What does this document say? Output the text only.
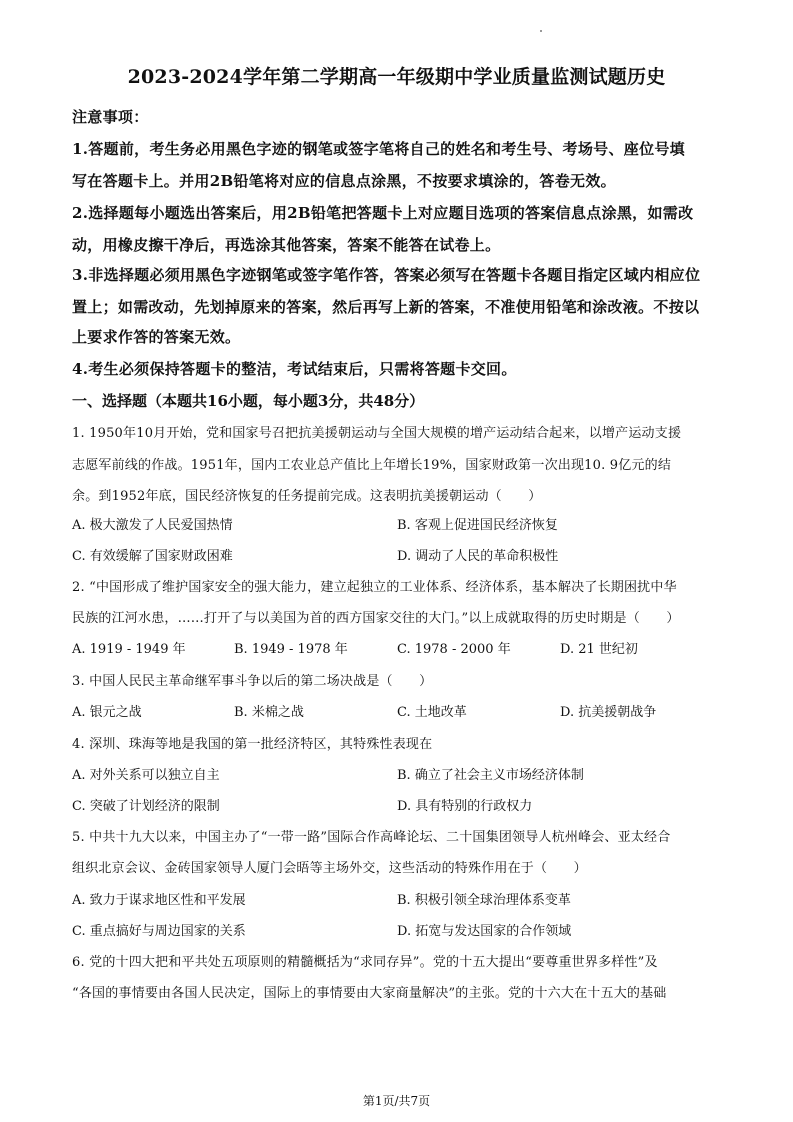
2023-2024学年第二学期高一年级期中学业质量监测试题历史
注意事项：
1.答题前，考生务必用黑色字迹的钢笔或签字笔将自己的姓名和考生号、考场号、座位号填
写在答题卡上。并用2B铅笔将对应的信息点涂黑，不按要求填涂的，答卷无效。
2.选择题每小题选出答案后，用2B铅笔把答题卡上对应题目选项的答案信息点涂黑，如需改
动，用橡皮擦干净后，再选涂其他答案，答案不能答在试卷上。
3.非选择题必须用黑色字迹钢笔或签字笔作答，答案必须写在答题卡各题目指定区域内相应位
置上；如需改动，先划掉原来的答案，然后再写上新的答案，不准使用铅笔和涂改液。不按以
上要求作答的答案无效。
4.考生必须保持答题卡的整洁，考试结束后，只需将答题卡交回。
一、选择题（本题共16小题，每小题3分，共48分）
1. 1950年10月开始，党和国家号召把抗美援朝运动与全国大规模的增产运动结合起来，以增产运动支援
志愿军前线的作战。1951年，国内工农业总产值比上年增长19%，国家财政第一次出现10. 9亿元的结
余。到1952年底，国民经济恢复的任务提前完成。这表明抗美援朝运动（　　）
A. 极大激发了人民爱国热情	B. 客观上促进国民经济恢复
C. 有效缓解了国家财政困难	D. 调动了人民的革命积极性
2. “中国形成了维护国家安全的强大能力，建立起独立的工业体系、经济体系，基本解决了长期困扰中华
民族的江河水患，……打开了与以美国为首的西方国家交往的大门。”以上成就取得的历史时期是（　　）
A. 1919 - 1949 年	B. 1949 - 1978 年	C. 1978 - 2000 年	D. 21 世纪初
3. 中国人民民主革命继军事斗争以后的第二场决战是（　　）
A. 银元之战	B. 米棉之战	C. 土地改革	D. 抗美援朝战争
4. 深圳、珠海等地是我国的第一批经济特区，其特殊性表现在
A. 对外关系可以独立自主	B. 确立了社会主义市场经济体制
C. 突破了计划经济的限制	D. 具有特别的行政权力
5. 中共十九大以来，中国主办了“一带一路”国际合作高峰论坛、二十国集团领导人杭州峰会、亚太经合
组织北京会议、金砖国家领导人厦门会晤等主场外交，这些活动的特殊作用在于（　　）
A. 致力于谋求地区性和平发展	B. 积极引领全球治理体系变革
C. 重点搞好与周边国家的关系	D. 拓宽与发达国家的合作领域
6. 党的十四大把和平共处五项原则的精髓概括为“求同存异”。党的十五大提出“要尊重世界多样性”及
“各国的事情要由各国人民决定，国际上的事情要由大家商量解决”的主张。党的十六大在十五大的基础
第1页/共7页
